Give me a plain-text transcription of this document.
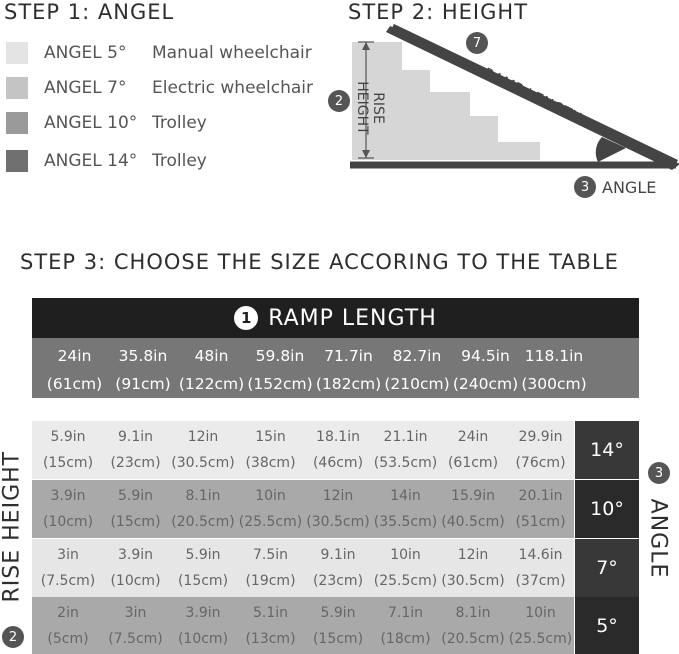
STEP 1: ANGEL
ANGEL 5° Manual wheelchair
ANGEL 7° Electric wheelchair
ANGEL 10° Trolley
ANGEL 14° Trolley
STEP 2: HEIGHT
RISE
HEIGHT
2
7
RAMP LENGTH
3 ANGLE
STEP 3: CHOOSE THE SIZE ACCORING TO THE TABLE
1 RAMP LENGTH
24in
(61cm)
35.8in
(91cm)
48in
(122cm)
59.8in
(152cm)
71.7in
(182cm)
82.7in
(210cm)
94.5in
(240cm)
118.1in
(300cm)
5.9in
(15cm)
9.1in
(23cm)
12in
(30.5cm)
15in
(38cm)
18.1in
(46cm)
21.1in
(53.5cm)
24in
(61cm)
29.9in
(76cm)
14°
3.9in
(10cm)
5.9in
(15cm)
8.1in
(20.5cm)
10in
(25.5cm)
12in
(30.5cm)
14in
(35.5cm)
15.9in
(40.5cm)
20.1in
(51cm)
10°
3in
(7.5cm)
3.9in
(10cm)
5.9in
(15cm)
7.5in
(19cm)
9.1in
(23cm)
10in
(25.5cm)
12in
(30.5cm)
14.6in
(37cm)
7°
2in
(5cm)
3in
(7.5cm)
3.9in
(10cm)
5.1in
(13cm)
5.9in
(15cm)
7.1in
(18cm)
8.1in
(20.5cm)
10in
(25.5cm)
5°
RISE HEIGHT
2
3
ANGLE
